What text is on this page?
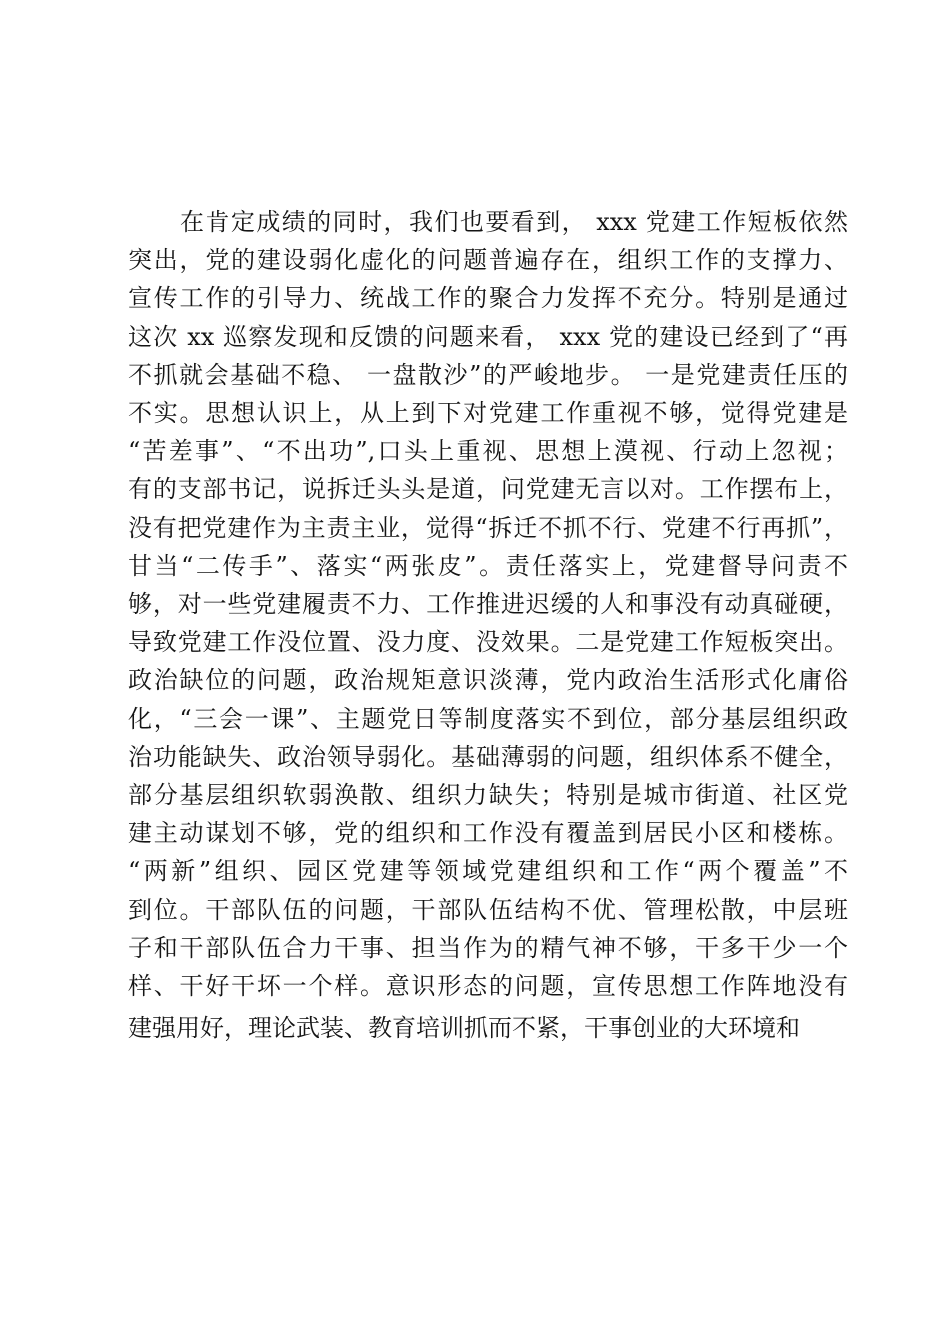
在肯定成绩的同时，我们也要看到， xxx 党建工作短板依然
突出，党的建设弱化虚化的问题普遍存在，组织工作的支撑力、
宣传工作的引导力、统战工作的聚合力发挥不充分。特别是通过
这次 xx 巡察发现和反馈的问题来看， xxx 党的建设已经到了“再
不抓就会基础不稳、 一盘散沙”的严峻地步。 一是党建责任压的
不实。思想认识上，从上到下对党建工作重视不够，觉得党建是
“苦差事”、“不出功”,口头上重视、思想上漠视、行动上忽视；
有的支部书记，说拆迁头头是道，问党建无言以对。工作摆布上，
没有把党建作为主责主业，觉得“拆迁不抓不行、党建不行再抓”，
甘当“二传手”、落实“两张皮”。责任落实上，党建督导问责不
够，对一些党建履责不力、工作推进迟缓的人和事没有动真碰硬，
导致党建工作没位置、没力度、没效果。二是党建工作短板突出。
政治缺位的问题，政治规矩意识淡薄，党内政治生活形式化庸俗
化，“三会一课”、主题党日等制度落实不到位，部分基层组织政
治功能缺失、政治领导弱化。基础薄弱的问题，组织体系不健全，
部分基层组织软弱涣散、组织力缺失；特别是城市街道、社区党
建主动谋划不够，党的组织和工作没有覆盖到居民小区和楼栋。
“两新”组织、园区党建等领域党建组织和工作“两个覆盖”不
到位。干部队伍的问题，干部队伍结构不优、管理松散，中层班
子和干部队伍合力干事、担当作为的精气神不够，干多干少一个
样、干好干坏一个样。意识形态的问题，宣传思想工作阵地没有
建强用好，理论武装、教育培训抓而不紧，干事创业的大环境和
